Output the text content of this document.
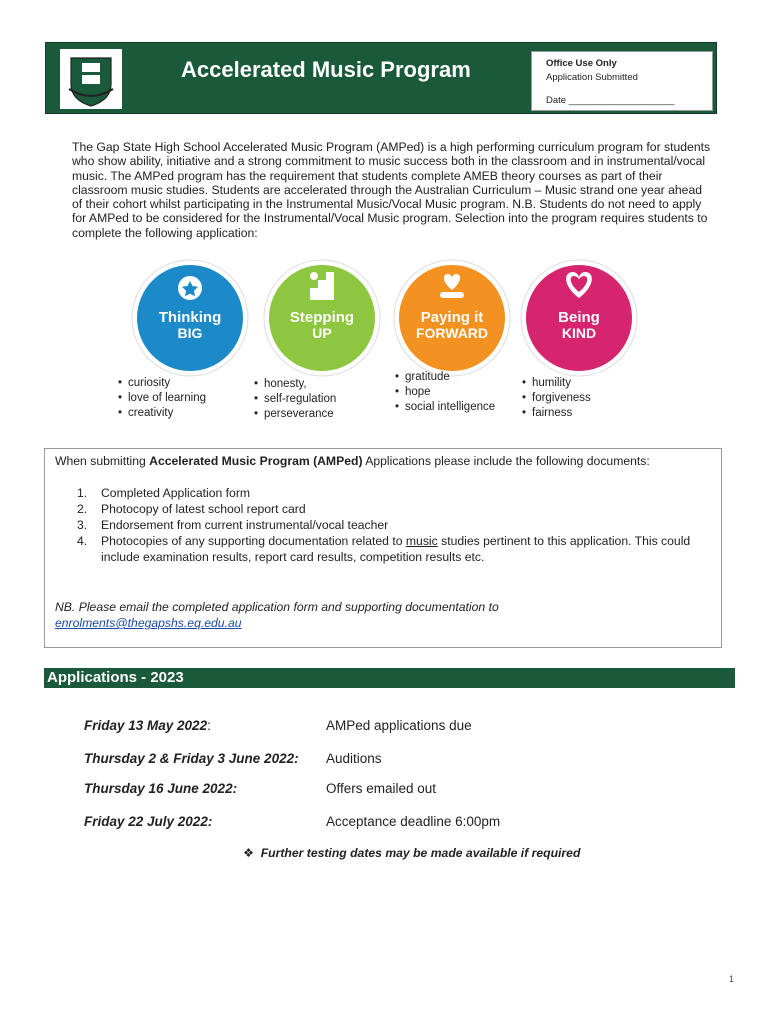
Accelerated Music Program	Office Use Only
Application Submitted
Date ____________________
The Gap State High School Accelerated Music Program (AMPed) is a high performing curriculum program for students who show ability, initiative and a strong commitment to music success both in the classroom and in instrumental/vocal music. The AMPed program has the requirement that students complete AMEB theory courses as part of their classroom music studies. Students are accelerated through the Australian Curriculum – Music strand one year ahead of their cohort whilst participating in the Instrumental Music/Vocal Music program. N.B. Students do not need to apply for AMPed to be considered for the Instrumental/Vocal Music program. Selection into the program requires students to complete the following application:
Thinking
BIG
• curiosity
• love of learning
• creativity
Stepping
UP
• honesty,
• self-regulation
• perseverance
Paying it
FORWARD
• gratitude
• hope
• social intelligence
Being
KIND
• humility
• forgiveness
• fairness
When submitting Accelerated Music Program (AMPed) Applications please include the following documents:
1. Completed Application form
2. Photocopy of latest school report card
3. Endorsement from current instrumental/vocal teacher
4. Photocopies of any supporting documentation related to music studies pertinent to this application. This could include examination results, report card results, competition results etc.
NB. Please email the completed application form and supporting documentation to
enrolments@thegapshs.eq.edu.au
Applications - 2023
Friday 13 May 2022:	AMPed applications due
Thursday 2 & Friday 3 June 2022: Auditions
Thursday 16 June 2022:	Offers emailed out
Friday 22 July 2022:	Acceptance deadline 6:00pm
❖ Further testing dates may be made available if required
1
